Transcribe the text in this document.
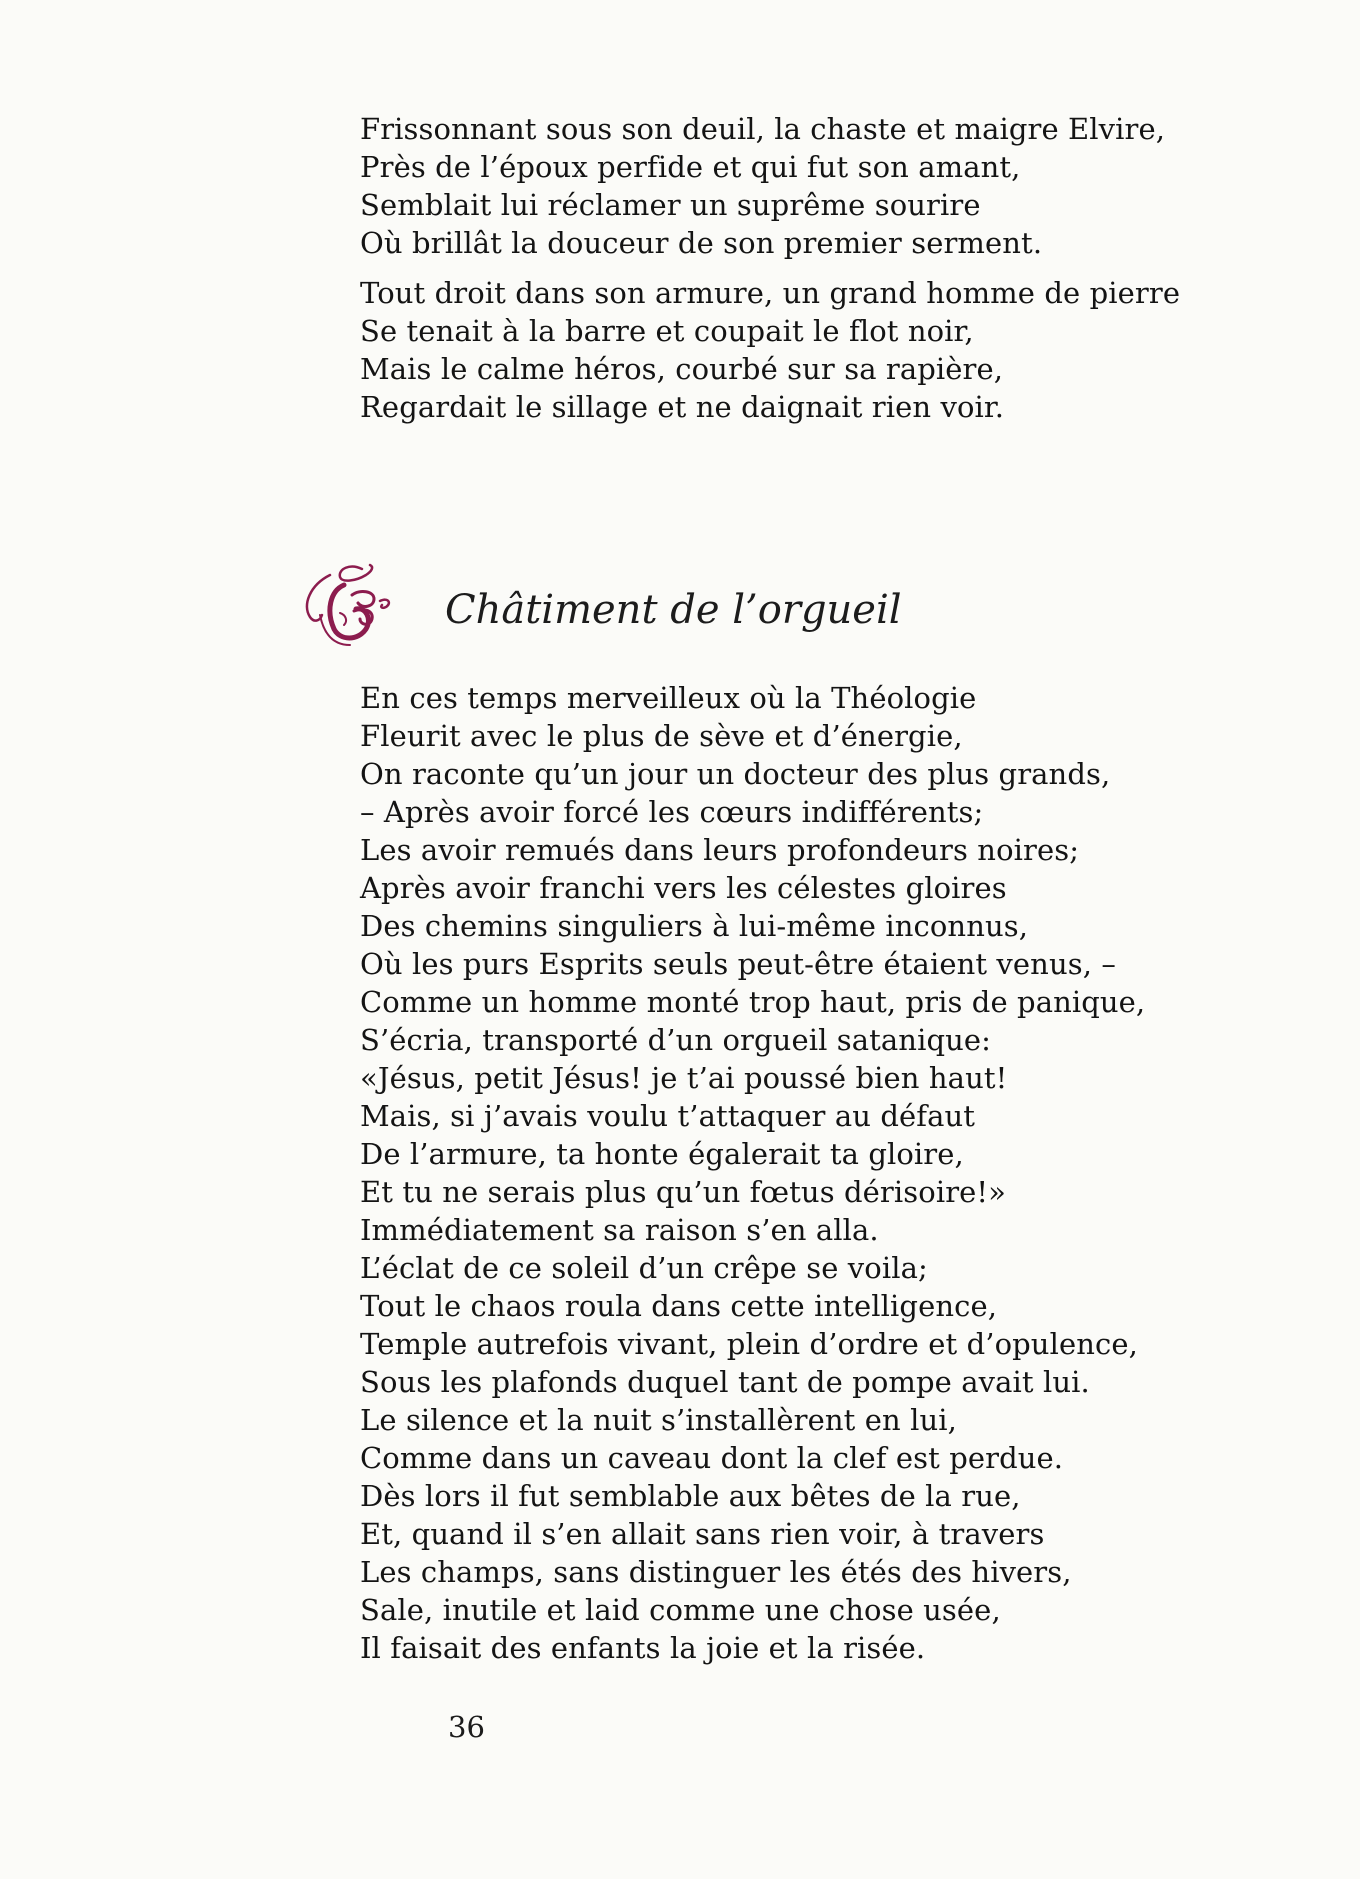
Frissonnant sous son deuil, la chaste et maigre Elvire,
Près de l’époux perfide et qui fut son amant,
Semblait lui réclamer un suprême sourire
Où brillât la douceur de son premier serment.
Tout droit dans son armure, un grand homme de pierre
Se tenait à la barre et coupait le flot noir,
Mais le calme héros, courbé sur sa rapière,
Regardait le sillage et ne daignait rien voir.
Châtiment de l’orgueil
En ces temps merveilleux où la Théologie
Fleurit avec le plus de sève et d’énergie,
On raconte qu’un jour un docteur des plus grands,
– Après avoir forcé les cœurs indifférents;
Les avoir remués dans leurs profondeurs noires;
Après avoir franchi vers les célestes gloires
Des chemins singuliers à lui-même inconnus,
Où les purs Esprits seuls peut-être étaient venus, –
Comme un homme monté trop haut, pris de panique,
S’écria, transporté d’un orgueil satanique:
«Jésus, petit Jésus! je t’ai poussé bien haut!
Mais, si j’avais voulu t’attaquer au défaut
De l’armure, ta honte égalerait ta gloire,
Et tu ne serais plus qu’un fœtus dérisoire!»
Immédiatement sa raison s’en alla.
L’éclat de ce soleil d’un crêpe se voila;
Tout le chaos roula dans cette intelligence,
Temple autrefois vivant, plein d’ordre et d’opulence,
Sous les plafonds duquel tant de pompe avait lui.
Le silence et la nuit s’installèrent en lui,
Comme dans un caveau dont la clef est perdue.
Dès lors il fut semblable aux bêtes de la rue,
Et, quand il s’en allait sans rien voir, à travers
Les champs, sans distinguer les étés des hivers,
Sale, inutile et laid comme une chose usée,
Il faisait des enfants la joie et la risée.
36
